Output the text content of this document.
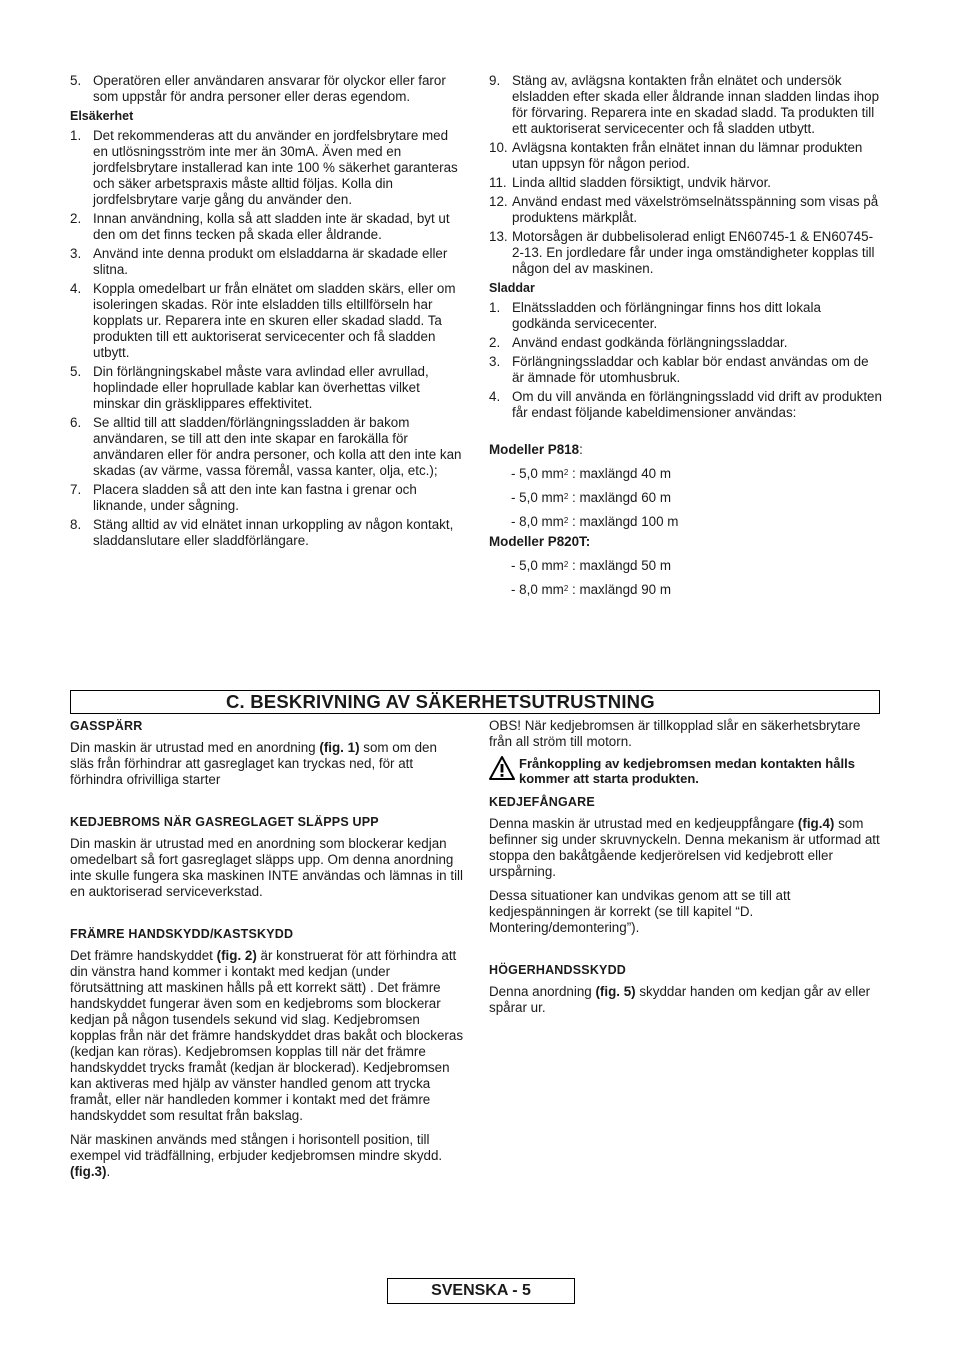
5. Operatören eller användaren ansvarar för olyckor eller faror som uppstår för andra personer eller deras egendom.
Elsäkerhet
1. Det rekommenderas att du använder en jordfelsbrytare med en utlösningsström inte mer än 30mA. Även med en jordfelsbrytare installerad kan inte 100 % säkerhet garanteras och säker arbetspraxis måste alltid följas. Kolla din jordfelsbrytare varje gång du använder den.
2. Innan användning, kolla så att sladden inte är skadad, byt ut den om det finns tecken på skada eller åldrande.
3. Använd inte denna produkt om elsladdarna är skadade eller slitna.
4. Koppla omedelbart ur från elnätet om sladden skärs, eller om isoleringen skadas. Rör inte elsladden tills eltillförseln har kopplats ur. Reparera inte en skuren eller skadad sladd. Ta produkten till ett auktoriserat servicecenter och få sladden utbytt.
5. Din förlängningskabel måste vara avlindad eller avrullad, hoplindade eller hoprullade kablar kan överhettas vilket minskar din gräsklippares effektivitet.
6. Se alltid till att sladden/förlängningssladden är bakom användaren, se till att den inte skapar en farokälla för användaren eller för andra personer, och kolla att den inte kan skadas (av värme, vassa föremål, vassa kanter, olja, etc.);
7. Placera sladden så att den inte kan fastna i grenar och liknande, under sågning.
8. Stäng alltid av vid elnätet innan urkoppling av någon kontakt, sladdanslutare eller sladdförlängare.
9. Stäng av, avlägsna kontakten från elnätet och undersök elsladden efter skada eller åldrande innan sladden lindas ihop för förvaring. Reparera inte en skadad sladd. Ta produkten till ett auktoriserat servicecenter och få sladden utbytt.
10. Avlägsna kontakten från elnätet innan du lämnar produkten utan uppsyn för någon period.
11. Linda alltid sladden försiktigt, undvik härvor.
12. Använd endast med växelströmselnätsspänning som visas på produktens märkplåt.
13. Motorsågen är dubbelisolerad enligt EN60745-1 & EN60745-2-13. En jordledare får under inga omständigheter kopplas till någon del av maskinen.
Sladdar
1. Elnätssladden och förlängningar finns hos ditt lokala godkända servicecenter.
2. Använd endast godkända förlängningssladdar.
3. Förlängningssladdar och kablar bör endast användas om de är ämnade för utomhusbruk.
4. Om du vill använda en förlängningssladd vid drift av produkten får endast följande kabeldimensioner användas:
Modeller P818:
- 5,0 $mm^2$ : maxlängd 40 m
- 5,0 $mm^2$ : maxlängd 60 m
- 8,0 $mm^2$ : maxlängd 100 m
Modeller P820T:
- 5,0 $mm^2$ : maxlängd 50 m
- 8,0 $mm^2$ : maxlängd 90 m
C. BESKRIVNING AV SÄKERHETSUTRUSTNING
GASSPÄRR

Din maskin är utrustad med en anordning (fig. 1) som om den släs från förhindrar att gasreglaget kan tryckas ned, för att förhindra ofrivilliga starter

KEDJEBROMS NÄR GASREGLAGET SLÄPPS UPP

Din maskin är utrustad med en anordning som blockerar kedjan omedelbart så fort gasreglaget släpps upp. Om denna anordning inte skulle fungera ska maskinen INTE användas och lämnas in till en auktoriserad serviceverkstad.

FRÄMRE HANDSKYDD/KASTSKYDD

Det främre handskyddet (fig. 2) är konstruerat för att förhindra att din vänstra hand kommer i kontakt med kedjan (under förutsättning att maskinen hålls på ett korrekt sätt) . Det främre handskyddet fungerar även som en kedjebroms som blockerar kedjan på någon tusendels sekund vid slag. Kedjebromsen kopplas från när det främre handskyddet dras bakåt och blockeras (kedjan kan röras). Kedjebromsen kopplas till när det främre handskyddet trycks framåt (kedjan är blockerad). Kedjebromsen kan aktiveras med hjälp av vänster handled genom att trycka framåt, eller när handleden kommer i kontakt med det främre handskyddet som resultat från bakslag.

När maskinen används med stången i horisontell position, till exempel vid trädfällning, erbjuder kedjebromsen mindre skydd. (fig.3).

OBS! När kedjebromsen är tillkopplad slår en säkerhetsbrytare från all ström till motorn.

Frånkoppling av kedjebromsen medan kontakten hålls kommer att starta produkten.
KEDJEFÅNGARE

Denna maskin är utrustad med en kedjeuppfångare (fig.4) som befinner sig under skruvnyckeln. Denna mekanism är utformad att stoppa den bakåtgående kedjerörelsen vid kedjebrott eller urspårning.

Dessa situationer kan undvikas genom att se till att kedjespänningen är korrekt (se till kapitel “D. Montering/demontering”).

HÖGERHANDSSKYDD

Denna anordning (fig. 5) skyddar handen om kedjan går av eller spårar ur.

SVENSKA - 5
